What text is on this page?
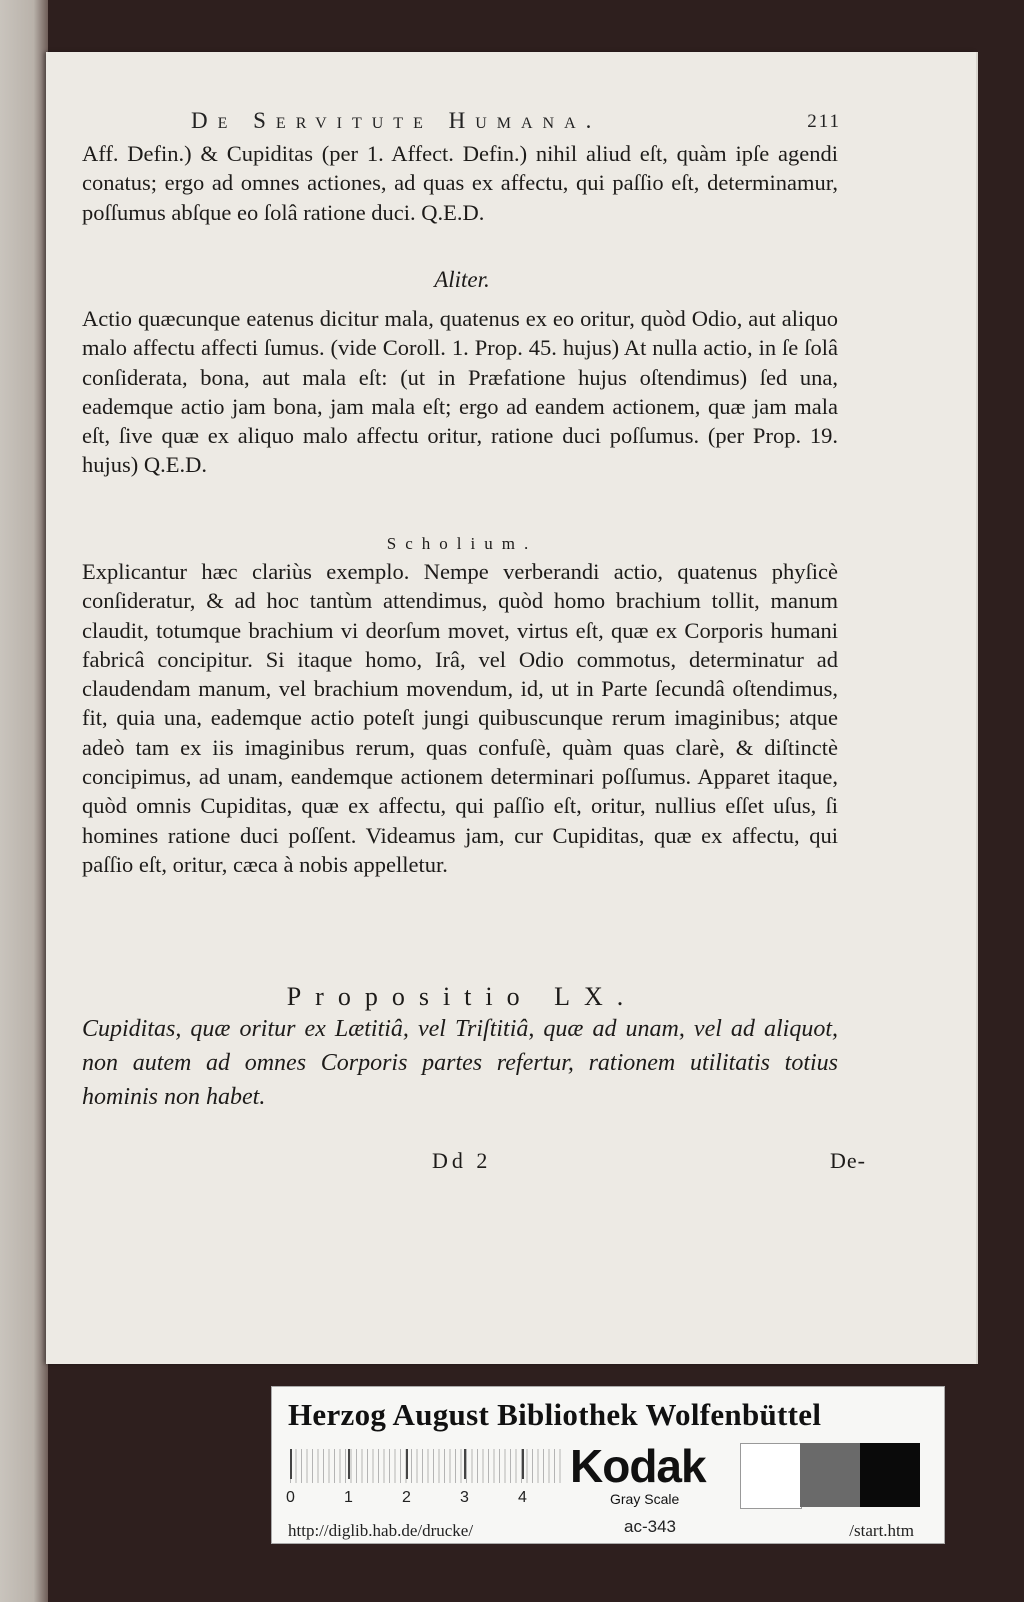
De Servitute Humana.	211
Aff. Defin.) & Cupiditas (per 1. Affect. Defin.) nihil aliud eſt, quàm ipſe agendi conatus; ergo ad omnes actiones, ad quas ex affectu, qui paſſio eſt, determinamur, poſſumus abſque eo ſolâ ratione duci. Q.E.D.
Aliter.
Actio quæcunque eatenus dicitur mala, quatenus ex eo oritur, quòd Odio, aut aliquo malo affectu affecti ſumus. (vide Coroll. 1. Prop. 45. hujus) At nulla actio, in ſe ſolâ conſiderata, bona, aut mala eſt: (ut in Præfatione hujus oſtendimus) ſed una, eademque actio jam bona, jam mala eſt; ergo ad eandem actionem, quæ jam mala eſt, ſive quæ ex aliquo malo affectu oritur, ratione duci poſſumus. (per Prop. 19. hujus) Q.E.D.
Scholium.
Explicantur hæc clariùs exemplo. Nempe verberandi actio, quatenus phyſicè conſideratur, & ad hoc tantùm attendimus, quòd homo brachium tollit, manum claudit, totumque brachium vi deorſum movet, virtus eſt, quæ ex Corporis humani fabricâ concipitur. Si itaque homo, Irâ, vel Odio commotus, determinatur ad claudendam manum, vel brachium movendum, id, ut in Parte ſecundâ oſtendimus, fit, quia una, eademque actio poteſt jungi quibuscunque rerum imaginibus; atque adeò tam ex iis imaginibus rerum, quas confuſè, quàm quas clarè, & diſtinctè concipimus, ad unam, eandemque actionem determinari poſſumus. Apparet itaque, quòd omnis Cupiditas, quæ ex affectu, qui paſſio eſt, oritur, nullius eſſet uſus, ſi homines ratione duci poſſent. Videamus jam, cur Cupiditas, quæ ex affectu, qui paſſio eſt, oritur, cæca à nobis appelletur.
Propositio LX.
Cupiditas, quæ oritur ex Lætitiâ, vel Triſtitiâ, quæ ad unam, vel ad aliquot, non autem ad omnes Corporis partes refertur, rationem utilitatis totius hominis non habet.
Dd 2	De-
Herzog August Bibliothek Wolfenbüttel
0	1	2	3	4
Kodak
Gray Scale
http://diglib.hab.de/drucke/	ac-343	/start.htm
